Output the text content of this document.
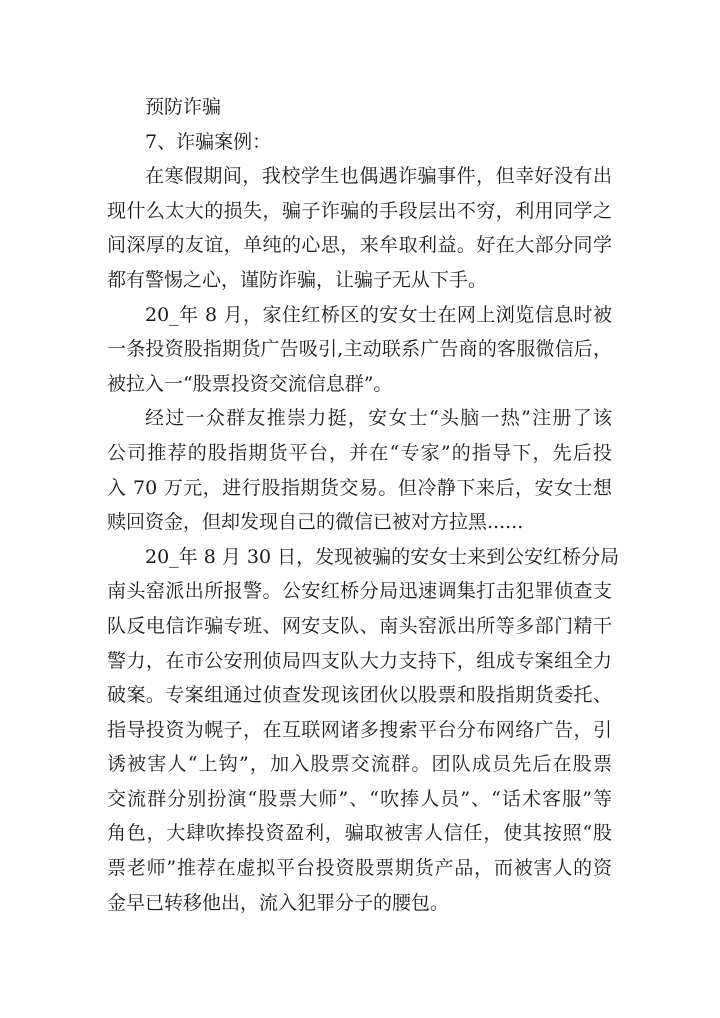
预防诈骗

7、诈骗案例：

在寒假期间，我校学生也偶遇诈骗事件，但幸好没有出

现什么太大的损失，骗子诈骗的手段层出不穷，利用同学之

间深厚的友谊，单纯的心思，来牟取利益。好在大部分同学

都有警惕之心，谨防诈骗，让骗子无从下手。

20_年 8 月，家住红桥区的安女士在网上浏览信息时被

一条投资股指期货广告吸引,主动联系广告商的客服微信后，

被拉入一“股票投资交流信息群”。

经过一众群友推崇力挺，安女士“头脑一热”注册了该

公司推荐的股指期货平台，并在“专家”的指导下，先后投

入 70 万元，进行股指期货交易。但冷静下来后，安女士想

赎回资金，但却发现自己的微信已被对方拉黑......

20_年 8 月 30 日，发现被骗的安女士来到公安红桥分局

南头窑派出所报警。公安红桥分局迅速调集打击犯罪侦查支

队反电信诈骗专班、网安支队、南头窑派出所等多部门精干

警力，在市公安刑侦局四支队大力支持下，组成专案组全力

破案。专案组通过侦查发现该团伙以股票和股指期货委托、

指导投资为幌子，在互联网诸多搜索平台分布网络广告，引

诱被害人“上钩”，加入股票交流群。团队成员先后在股票

交流群分别扮演“股票大师”、“吹捧人员”、“话术客服”等

角色，大肆吹捧投资盈利，骗取被害人信任，使其按照“股

票老师”推荐在虚拟平台投资股票期货产品，而被害人的资

金早已转移他出，流入犯罪分子的腰包。
